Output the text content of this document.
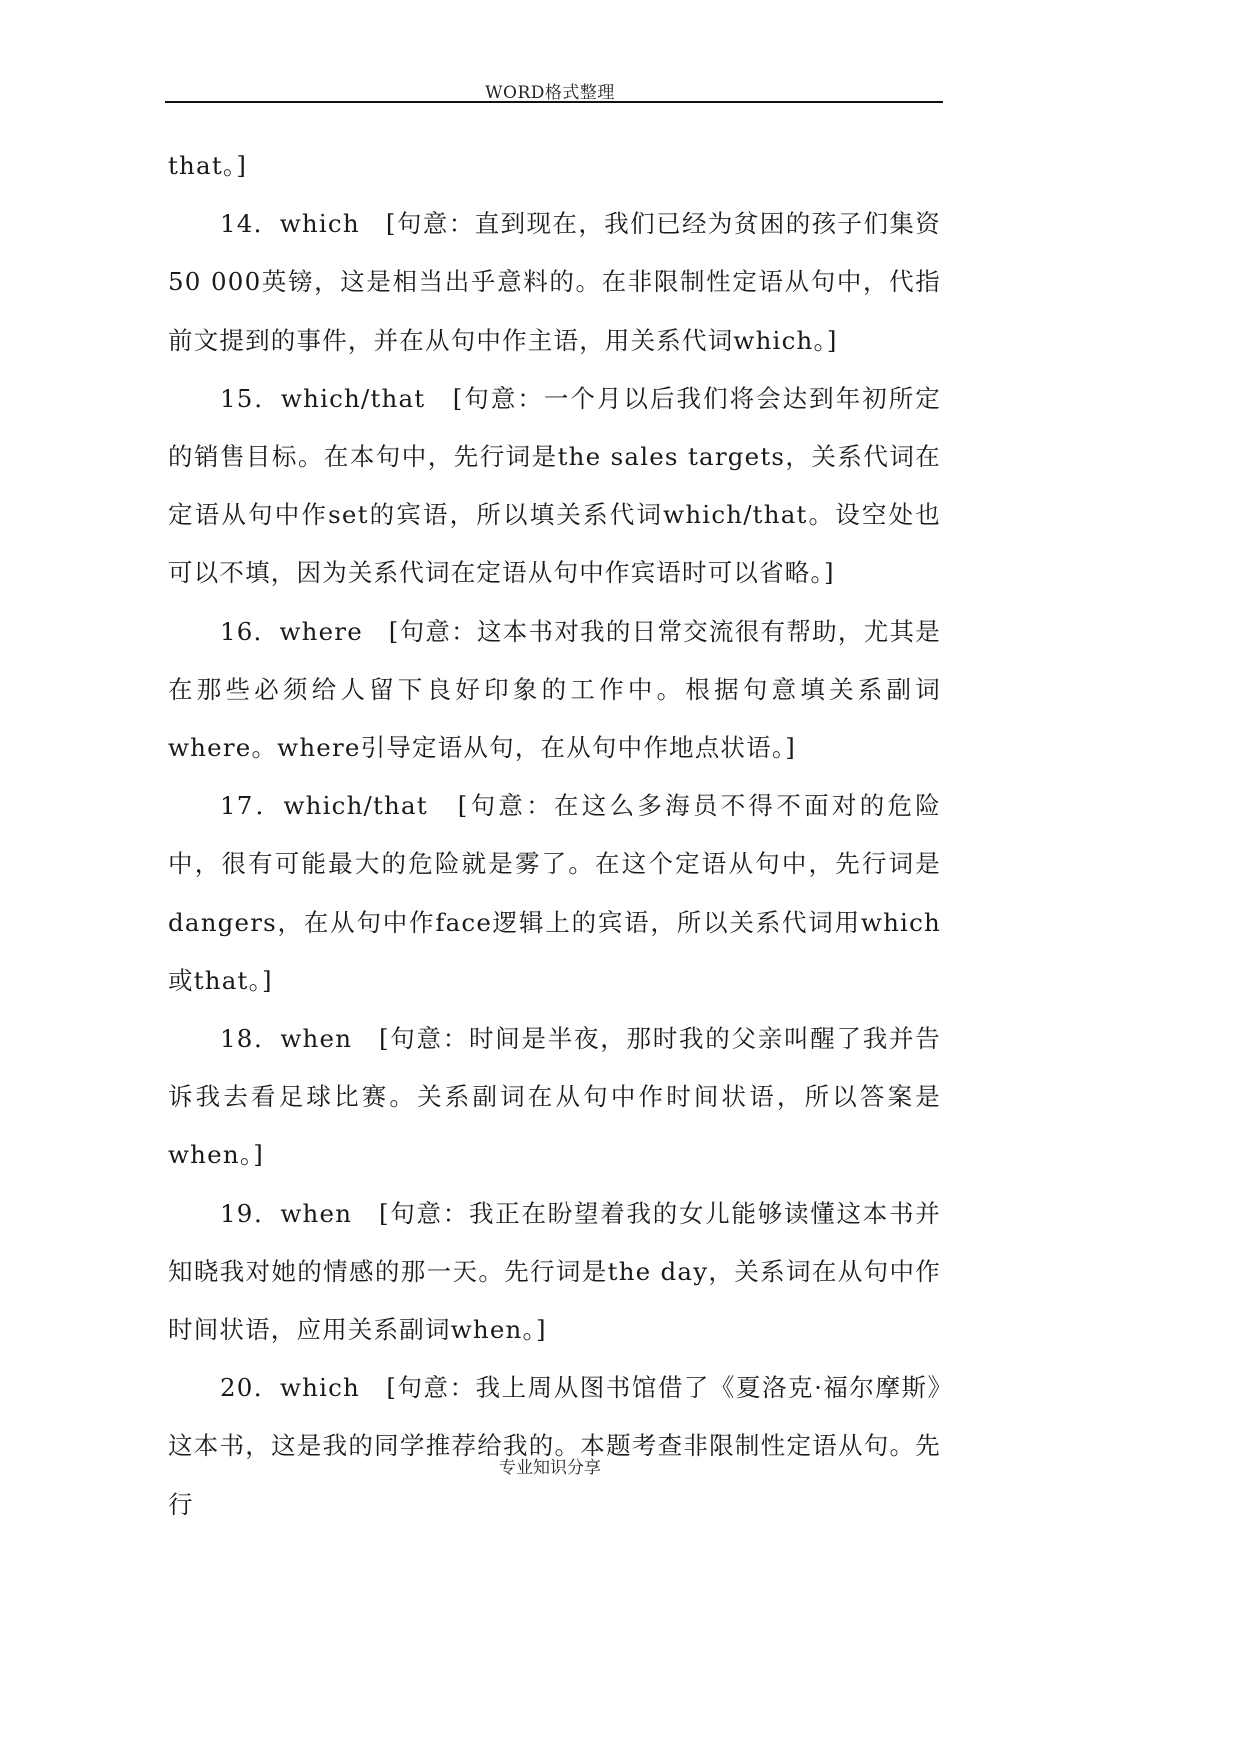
WORD格式整理

that。]

14．which　[句意：直到现在，我们已经为贫困的孩子们集资50 000英镑，这是相当出乎意料的。在非限制性定语从句中，代指前文提到的事件，并在从句中作主语，用关系代词which。]

15．which/that　[句意：一个月以后我们将会达到年初所定的销售目标。在本句中，先行词是the sales targets，关系代词在定语从句中作set的宾语，所以填关系代词which/that。设空处也可以不填，因为关系代词在定语从句中作宾语时可以省略。]

16．where　[句意：这本书对我的日常交流很有帮助，尤其是在那些必须给人留下良好印象的工作中。根据句意填关系副词where。where引导定语从句，在从句中作地点状语。]

17．which/that　[句意：在这么多海员不得不面对的危险中，很有可能最大的危险就是雾了。在这个定语从句中，先行词是dangers，在从句中作face逻辑上的宾语，所以关系代词用which或that。]

18．when　[句意：时间是半夜，那时我的父亲叫醒了我并告诉我去看足球比赛。关系副词在从句中作时间状语，所以答案是when。]

19．when　[句意：我正在盼望着我的女儿能够读懂这本书并知晓我对她的情感的那一天。先行词是the day，关系词在从句中作时间状语，应用关系副词when。]

20．which　[句意：我上周从图书馆借了《夏洛克·福尔摩斯》这本书，这是我的同学推荐给我的。本题考查非限制性定语从句。先行

专业知识分享
